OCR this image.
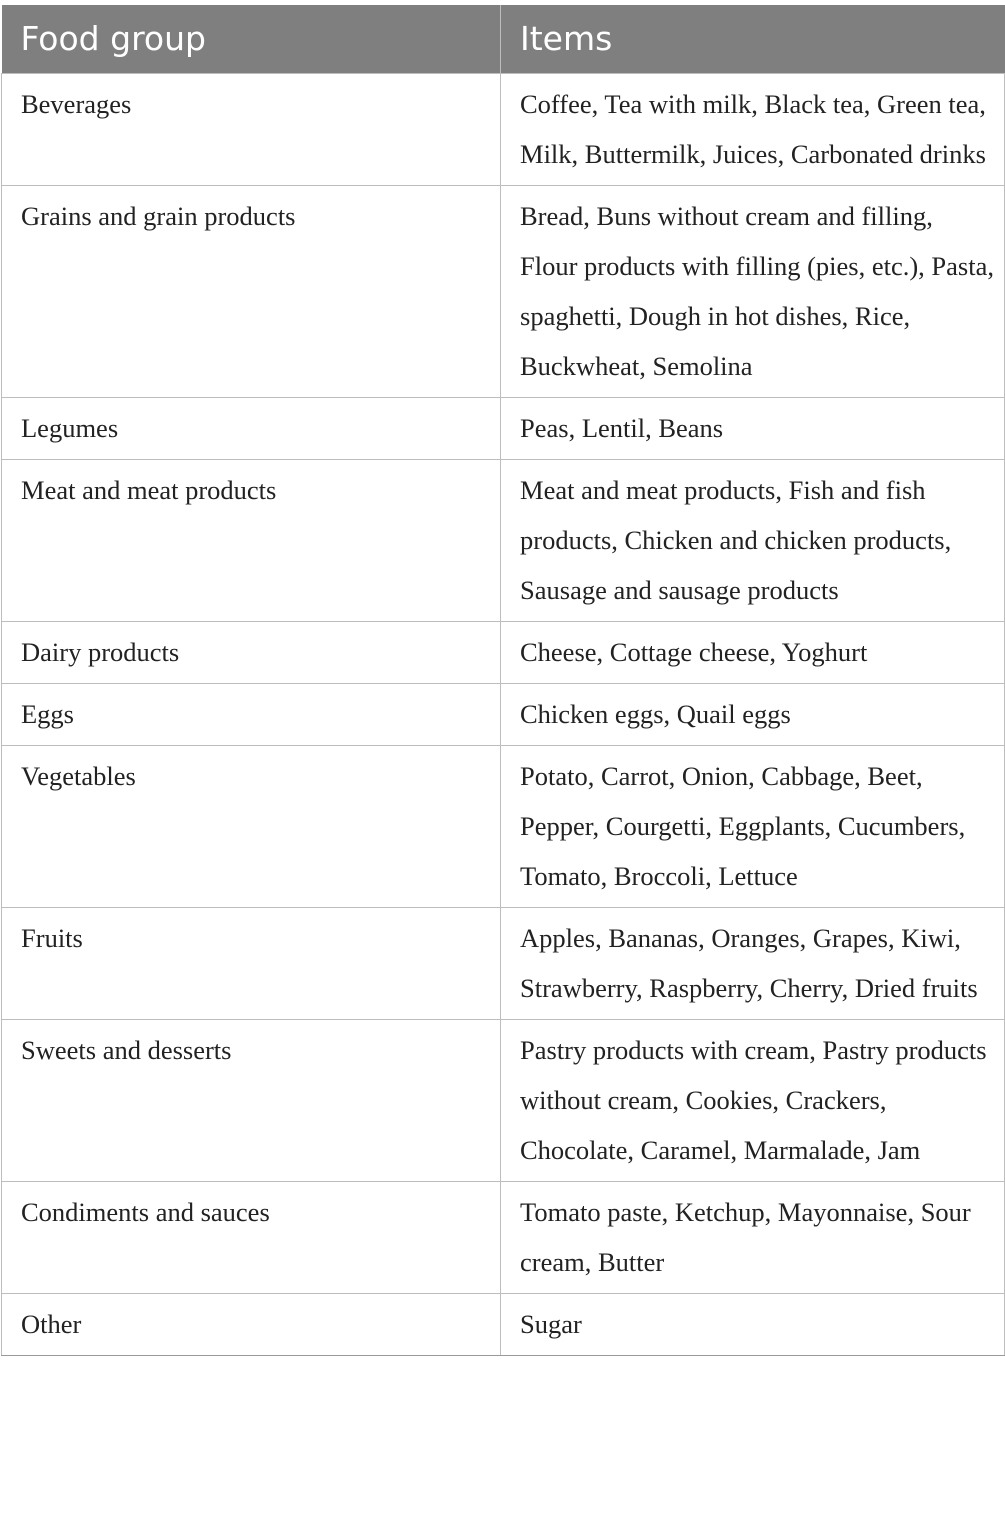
Food group	Items
Beverages	Coffee, Tea with milk, Black tea, Green tea, Milk, Buttermilk, Juices, Carbonated drinks
Grains and grain products	Bread, Buns without cream and filling, Flour products with filling (pies, etc.), Pasta, spaghetti, Dough in hot dishes, Rice, Buckwheat, Semolina
Legumes	Peas, Lentil, Beans
Meat and meat products	Meat and meat products, Fish and fish products, Chicken and chicken products, Sausage and sausage products
Dairy products	Cheese, Cottage cheese, Yoghurt
Eggs	Chicken eggs, Quail eggs
Vegetables	Potato, Carrot, Onion, Cabbage, Beet, Pepper, Courgetti, Eggplants, Cucumbers, Tomato, Broccoli, Lettuce
Fruits	Apples, Bananas, Oranges, Grapes, Kiwi, Strawberry, Raspberry, Cherry, Dried fruits
Sweets and desserts	Pastry products with cream, Pastry products without cream, Cookies, Crackers, Chocolate, Caramel, Marmalade, Jam
Condiments and sauces	Tomato paste, Ketchup, Mayonnaise, Sour cream, Butter
Other	Sugar
